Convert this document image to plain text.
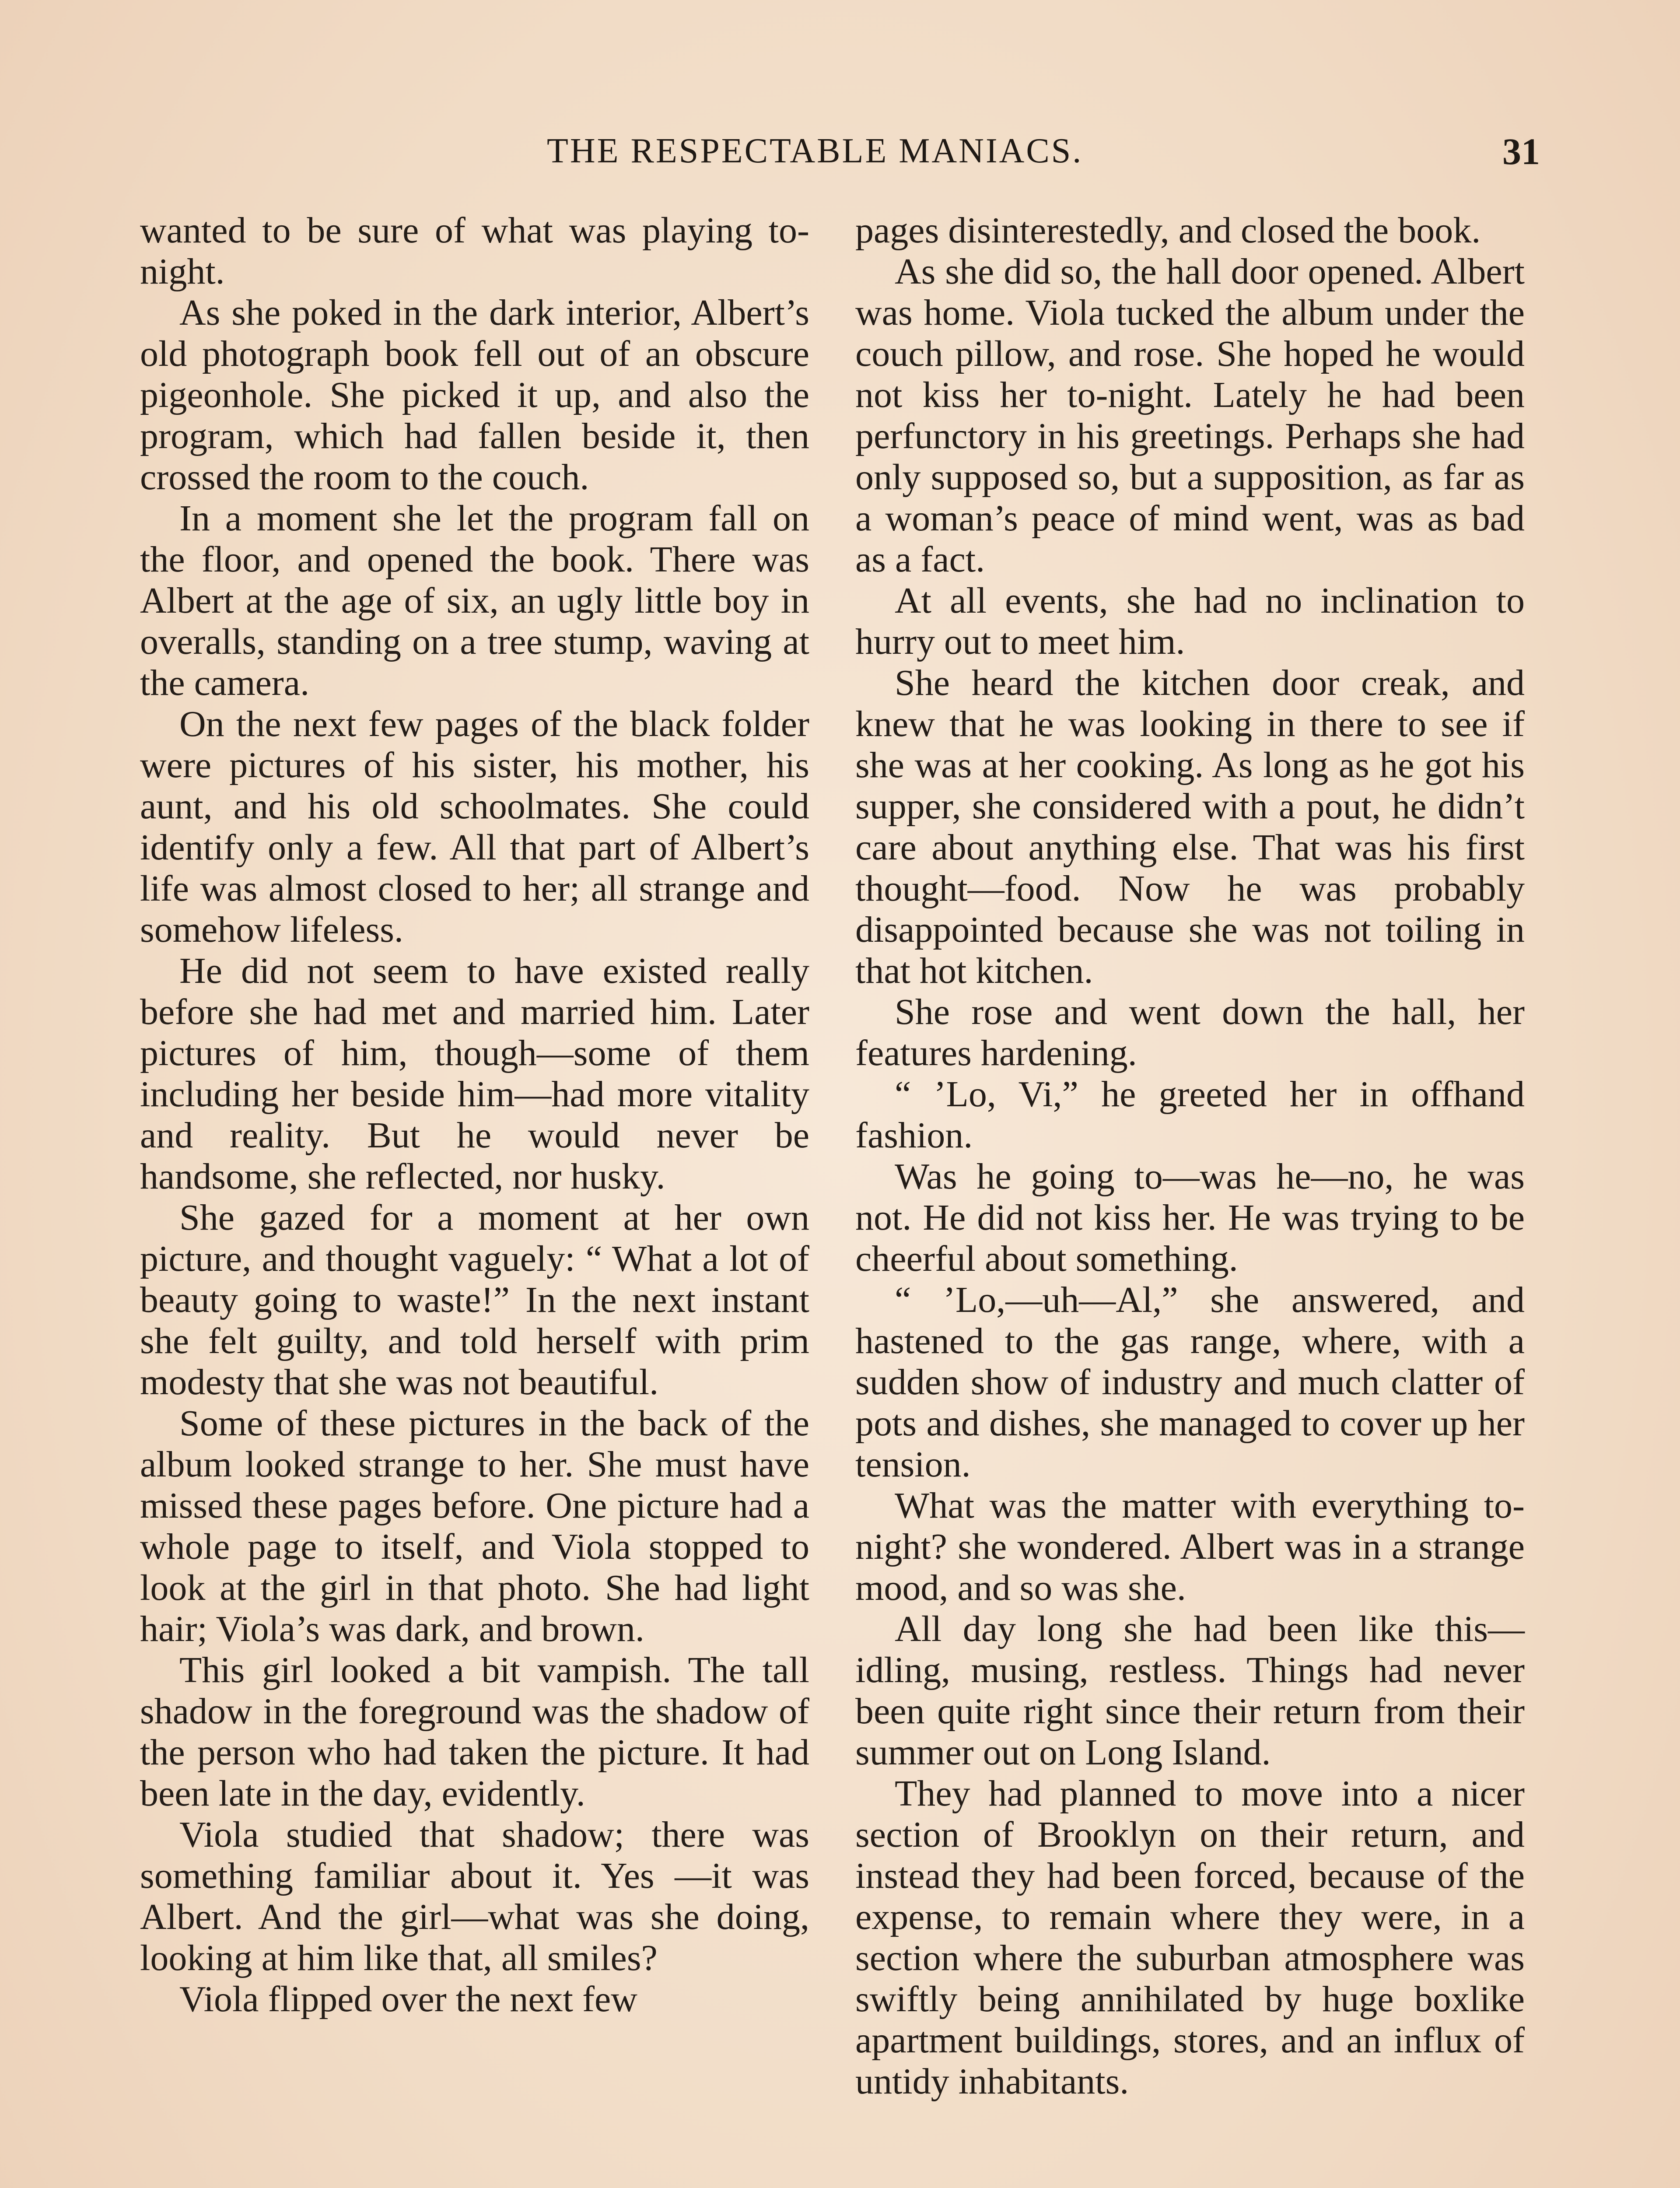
THE RESPECTABLE MANIACS.	31

wanted to be sure of what was playing to-night.

As she poked in the dark interior, Albert’s old photograph book fell out of an obscure pigeonhole. She picked it up, and also the program, which had fallen beside it, then crossed the room to the couch.

In a moment she let the program fall on the floor, and opened the book. There was Albert at the age of six, an ugly little boy in overalls, standing on a tree stump, waving at the camera.

On the next few pages of the black folder were pictures of his sister, his mother, his aunt, and his old schoolmates. She could identify only a few. All that part of Albert’s life was almost closed to her; all strange and somehow lifeless.

He did not seem to have existed really before she had met and married him. Later pictures of him, though—some of them including her beside him—had more vitality and reality. But he would never be handsome, she reflected, nor husky.

She gazed for a moment at her own picture, and thought vaguely: “ What a lot of beauty going to waste!” In the next instant she felt guilty, and told herself with prim modesty that she was not beautiful.

Some of these pictures in the back of the album looked strange to her. She must have missed these pages before. One picture had a whole page to itself, and Viola stopped to look at the girl in that photo. She had light hair; Viola’s was dark, and brown.

This girl looked a bit vampish. The tall shadow in the foreground was the shadow of the person who had taken the picture. It had been late in the day, evidently.

Viola studied that shadow; there was something familiar about it. Yes —it was Albert. And the girl—what was she doing, looking at him like that, all smiles?

Viola flipped over the next few

pages disinterestedly, and closed the book.

As she did so, the hall door opened. Albert was home. Viola tucked the album under the couch pillow, and rose. She hoped he would not kiss her to-night. Lately he had been perfunctory in his greetings. Perhaps she had only supposed so, but a supposition, as far as a woman’s peace of mind went, was as bad as a fact.

At all events, she had no inclination to hurry out to meet him.

She heard the kitchen door creak, and knew that he was looking in there to see if she was at her cooking. As long as he got his supper, she considered with a pout, he didn’t care about anything else. That was his first thought—food. Now he was probably disappointed because she was not toiling in that hot kitchen.

She rose and went down the hall, her features hardening.

“ ’Lo, Vi,” he greeted her in offhand fashion.

Was he going to—was he—no, he was not. He did not kiss her. He was trying to be cheerful about something.

“ ’Lo,—uh—Al,” she answered, and hastened to the gas range, where, with a sudden show of industry and much clatter of pots and dishes, she managed to cover up her tension.

What was the matter with everything to-night? she wondered. Albert was in a strange mood, and so was she.

All day long she had been like this—idling, musing, restless. Things had never been quite right since their return from their summer out on Long Island.

They had planned to move into a nicer section of Brooklyn on their return, and instead they had been forced, because of the expense, to remain where they were, in a section where the suburban atmosphere was swiftly being annihilated by huge boxlike apartment buildings, stores, and an influx of untidy inhabitants.
